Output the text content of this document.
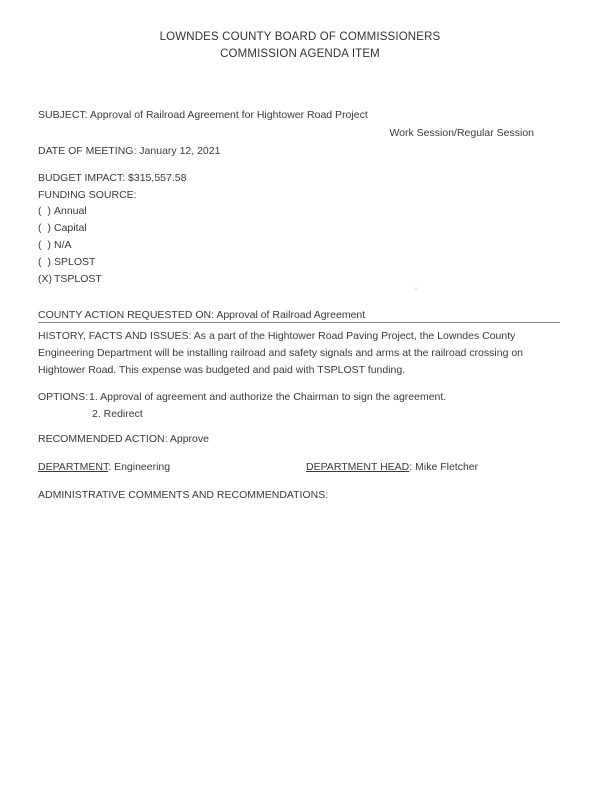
LOWNDES COUNTY BOARD OF COMMISSIONERS
COMMISSION AGENDA ITEM
SUBJECT: Approval of Railroad Agreement for Hightower Road Project
Work Session/Regular Session
DATE OF MEETING: January 12, 2021
BUDGET IMPACT: $315,557.58
FUNDING SOURCE:
(  ) Annual
(  ) Capital
(  ) N/A
(  ) SPLOST
(X) TSPLOST
COUNTY ACTION REQUESTED ON: Approval of Railroad Agreement
HISTORY, FACTS AND ISSUES: As a part of the Hightower Road Paving Project, the Lowndes County Engineering Department will be installing railroad and safety signals and arms at the railroad crossing on Hightower Road. This expense was budgeted and paid with TSPLOST funding.
OPTIONS: 1. Approval of agreement and authorize the Chairman to sign the agreement.
2. Redirect
RECOMMENDED ACTION: Approve
DEPARTMENT: Engineering	DEPARTMENT HEAD: Mike Fletcher
ADMINISTRATIVE COMMENTS AND RECOMMENDATIONS:
